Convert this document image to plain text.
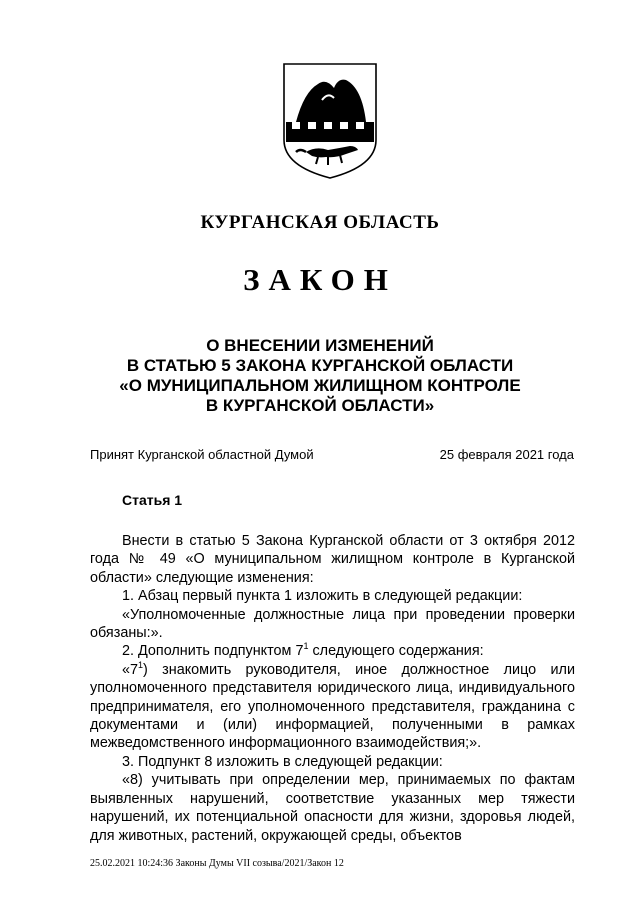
КУРГАНСКАЯ ОБЛАСТЬ
ЗАКОН
О ВНЕСЕНИИ ИЗМЕНЕНИЙ
В СТАТЬЮ 5 ЗАКОНА КУРГАНСКОЙ ОБЛАСТИ
«О МУНИЦИПАЛЬНОМ ЖИЛИЩНОМ КОНТРОЛЕ
В КУРГАНСКОЙ ОБЛАСТИ»
Принят Курганской областной Думой	25 февраля 2021 года
Статья 1

Внести в статью 5 Закона Курганской области от 3 октября 2012 года № 49 «О муниципальном жилищном контроле в Курганской области» следующие изменения:

1. Абзац первый пункта 1 изложить в следующей редакции:

«Уполномоченные должностные лица при проведении проверки обязаны:».

2. Дополнить подпунктом $7^1$ следующего содержания:

«$7^1$) знакомить руководителя, иное должностное лицо или уполномоченного представителя юридического лица, индивидуального предпринимателя, его уполномоченного представителя, гражданина с документами и (или) информацией, полученными в рамках межведомственного информационного взаимодействия;».

3. Подпункт 8 изложить в следующей редакции:

«8) учитывать при определении мер, принимаемых по фактам выявленных нарушений, соответствие указанных мер тяжести нарушений, их потенциальной опасности для жизни, здоровья людей, для животных, растений, окружающей среды, объектов

25.02.2021 10:24:36 Законы Думы VII созыва/2021/Закон 12
